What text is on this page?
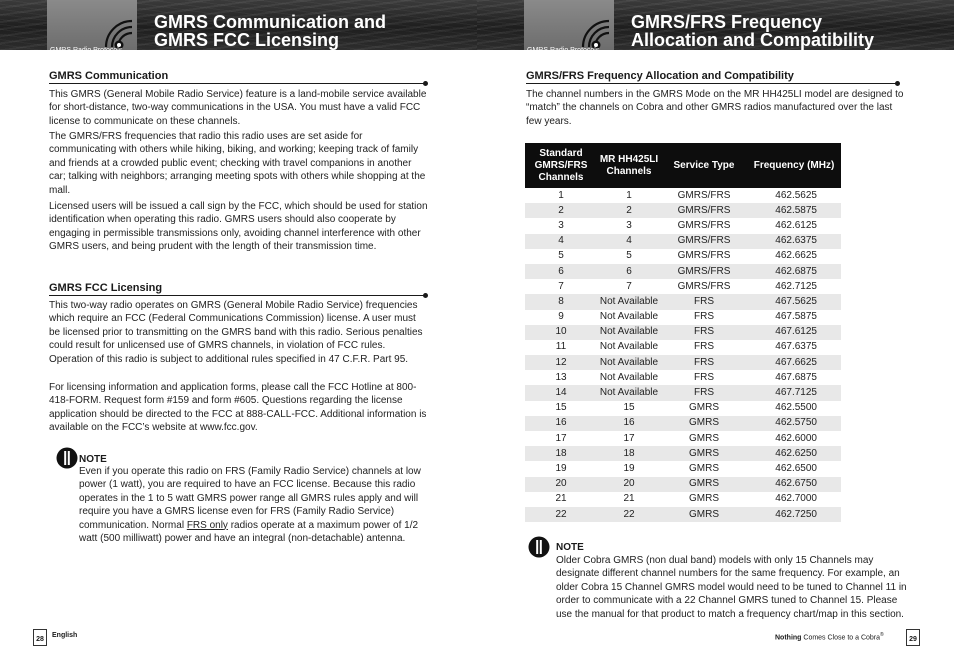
GMRS Radio Protocols
GMRS Communication and
GMRS FCC Licensing
GMRS Communication
This GMRS (General Mobile Radio Service) feature is a land-mobile service available for short-distance, two-way communications in the USA. You must have a valid FCC license to communicate on these channels.
The GMRS/FRS frequencies that radio this radio uses are set aside for communicating with others while hiking, biking, and working; keeping track of family and friends at a crowded public event; checking with travel companions in another car; talking with neighbors; arranging meeting spots with others while shopping at the mall.
Licensed users will be issued a call sign by the FCC, which should be used for station identification when operating this radio. GMRS users should also cooperate by engaging in permissible transmissions only, avoiding channel interference with other GMRS users, and being prudent with the length of their transmission time.
GMRS FCC Licensing
This two-way radio operates on GMRS (General Mobile Radio Service) frequencies which require an FCC (Federal Communications Commission) license. A user must be licensed prior to transmitting on the GMRS band with this radio. Serious penalties could result for unlicensed use of GMRS channels, in violation of FCC rules. Operation of this radio is subject to additional rules specified in 47 C.F.R. Part 95.
For licensing information and application forms, please call the FCC Hotline at 800-418-FORM. Request form #159 and form #605. Questions regarding the license application should be directed to the FCC at 888-CALL-FCC. Additional information is available on the FCC’s website at www.fcc.gov.
NOTE
Even if you operate this radio on FRS (Family Radio Service) channels at low power (1 watt), you are required to have an FCC license. Because this radio operates in the 1 to 5 watt GMRS power range all GMRS rules apply and will require you have a GMRS license even for FRS (Family Radio Service) communication. Normal FRS only radios operate at a maximum power of 1/2 watt (500 milliwatt) power and have an integral (non-detachable) antenna.
28
English
GMRS Radio Protocols
GMRS/FRS Frequency
Allocation and Compatibility
GMRS/FRS Frequency Allocation and Compatibility
The channel numbers in the GMRS Mode on the MR HH425LI model are designed to “match” the channels on Cobra and other GMRS radios manufactured over the last few years.
Standard GMRS/FRS Channels	MR HH425LI Channels	Service Type	Frequency (MHz)
1	1	GMRS/FRS	462.5625
2	2	GMRS/FRS	462.5875
3	3	GMRS/FRS	462.6125
4	4	GMRS/FRS	462.6375
5	5	GMRS/FRS	462.6625
6	6	GMRS/FRS	462.6875
7	7	GMRS/FRS	462.7125
8	Not Available	FRS	467.5625
9	Not Available	FRS	467.5875
10	Not Available	FRS	467.6125
11	Not Available	FRS	467.6375
12	Not Available	FRS	467.6625
13	Not Available	FRS	467.6875
14	Not Available	FRS	467.7125
15	15	GMRS	462.5500
16	16	GMRS	462.5750
17	17	GMRS	462.6000
18	18	GMRS	462.6250
19	19	GMRS	462.6500
20	20	GMRS	462.6750
21	21	GMRS	462.7000
22	22	GMRS	462.7250
NOTE
Older Cobra GMRS (non dual band) models with only 15 Channels may designate different channel numbers for the same frequency. For example, an older Cobra 15 Channel GMRS model would need to be tuned to Channel 11 in order to communicate with a 22 Channel GMRS tuned to Channel 15. Please use the manual for that product to match a frequency chart/map in this section.
Nothing Comes Close to a Cobra®
29
